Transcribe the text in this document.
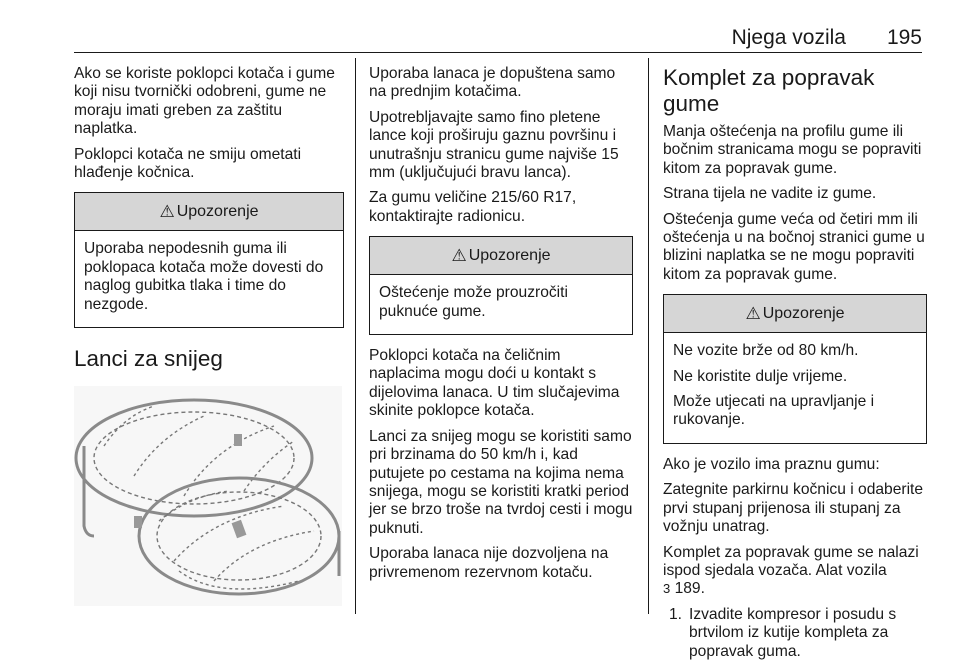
Njega vozila 195

Ako se koriste poklopci kotača i gume koji nisu tvornički odobreni, gume ne moraju imati greben za zaštitu naplatka.

Poklopci kotača ne smiju ometati hlađenje kočnica.

⚠ Upozorenje

Uporaba nepodesnih guma ili poklopaca kotača može dovesti do naglog gubitka tlaka i time do nezgode.

Lanci za snijeg

Uporaba lanaca je dopuštena samo na prednjim kotačima.

Upotrebljavajte samo fino pletene lance koji proširuju gaznu površinu i unutrašnju stranicu gume najviše 15 mm (uključujući bravu lanca).

Za gumu veličine 215/60 R17, kontaktirajte radionicu.

⚠ Upozorenje

Oštećenje može prouzročiti puknuće gume.

Poklopci kotača na čeličnim naplacima mogu doći u kontakt s dijelovima lanaca. U tim slučajevima skinite poklopce kotača.

Lanci za snijeg mogu se koristiti samo pri brzinama do 50 km/h i, kad putujete po cestama na kojima nema snijega, mogu se koristiti kratki period jer se brzo troše na tvrdoj cesti i mogu puknuti.

Uporaba lanaca nije dozvoljena na privremenom rezervnom kotaču.

Komplet za popravak gume

Manja oštećenja na profilu gume ili bočnim stranicama mogu se popraviti kitom za popravak gume.

Strana tijela ne vadite iz gume.

Oštećenja gume veća od četiri mm ili oštećenja u na bočnoj stranici gume u blizini naplatka se ne mogu popraviti kitom za popravak gume.

⚠ Upozorenje

Ne vozite brže od 80 km/h.

Ne koristite dulje vrijeme.

Može utjecati na upravljanje i rukovanje.

Ako je vozilo ima praznu gumu:

Zategnite parkirnu kočnicu i odaberite prvi stupanj prijenosa ili stupanj za vožnju unatrag.

Komplet za popravak gume se nalazi ispod sjedala vozača. Alat vozila
3 189.

1. Izvadite kompresor i posudu s brtvilom iz kutije kompleta za popravak guma.
